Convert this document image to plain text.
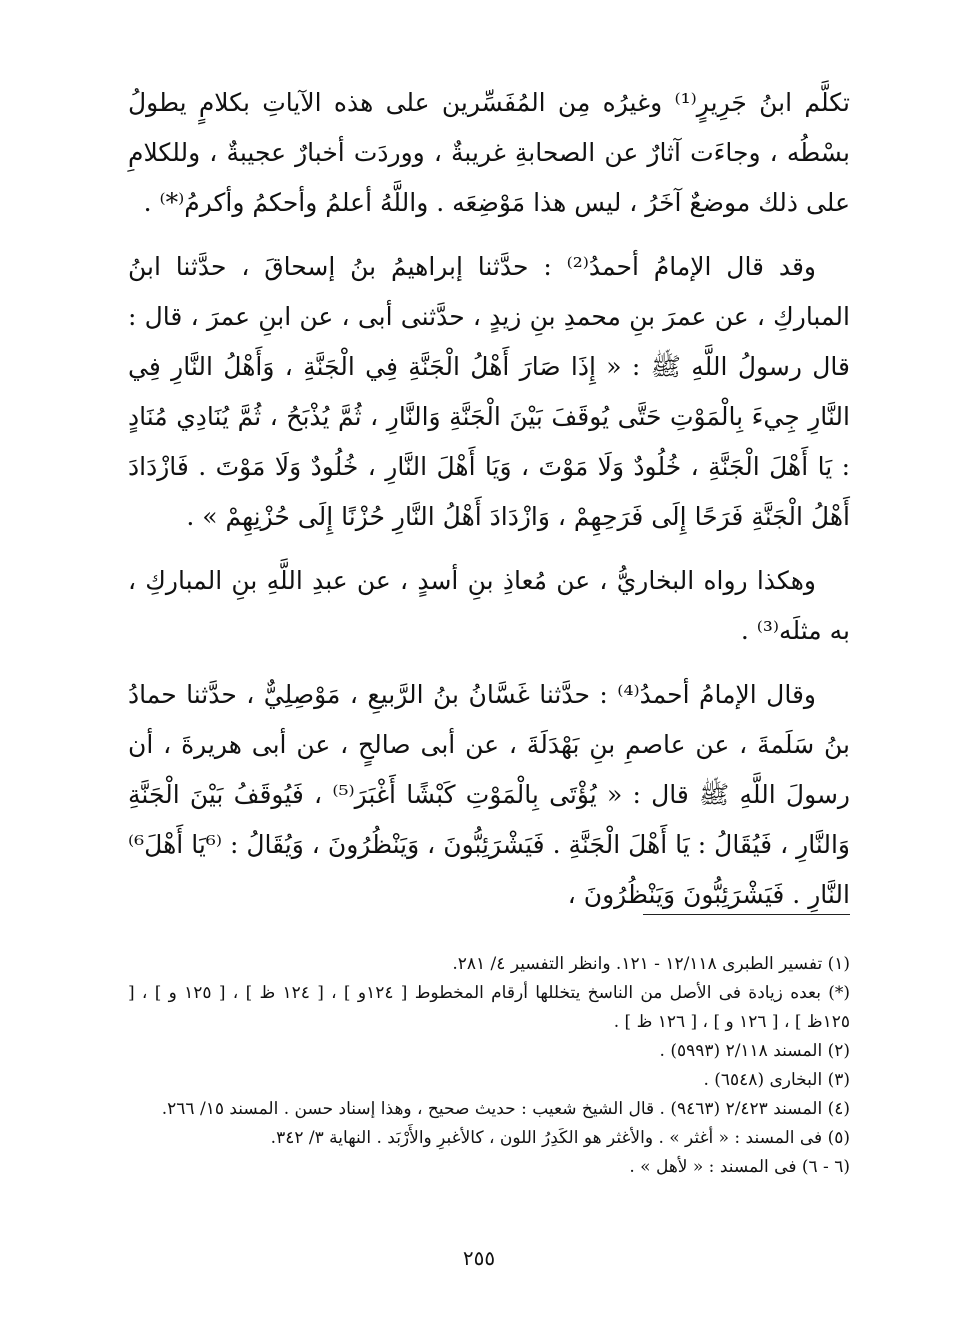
تكلَّم ابنُ جَرِيرٍ⁽¹⁾ وغيرُه مِن المُفَسِّرين على هذه الآياتِ بكلامٍ يطولُ بسْطُه ، وجاءَت آثارٌ عن الصحابةِ غريبةٌ ، ووردَت أخبارٌ عجيبةٌ ، وللكلامِ على ذلك موضعٌ آخَرُ ، ليس هذا مَوْضِعَه . واللَّهُ أعلمُ وأحكمُ وأكرمُ⁽*⁾ .

وقد قال الإمامُ أحمدُ⁽²⁾ : حدَّثنا إبراهيمُ بنُ إسحاقَ ، حدَّثنا ابنُ المباركِ ، عن عمرَ بنِ محمدِ بنِ زيدٍ ، حدَّثنى أبى ، عن ابنِ عمرَ ، قال : قال رسولُ اللَّهِ ﷺ : « إِذَا صَارَ أَهْلُ الْجَنَّةِ فِي الْجَنَّةِ ، وَأَهْلُ النَّارِ فِي النَّارِ جِيءَ بِالْمَوْتِ حَتَّى يُوقَفَ بَيْنَ الْجَنَّةِ وَالنَّارِ ، ثُمَّ يُذْبَحُ ، ثُمَّ يُنَادِي مُنَادٍ : يَا أَهْلَ الْجَنَّةِ ، خُلُودٌ وَلَا مَوْتَ ، وَيَا أَهْلَ النَّارِ ، خُلُودٌ وَلَا مَوْتَ . فَازْدَادَ أَهْلُ الْجَنَّةِ فَرَحًا إِلَى فَرَحِهِمْ ، وَازْدَادَ أَهْلُ النَّارِ حُزْنًا إِلَى حُزْنِهِمْ » .

وهكذا رواه البخاريُّ ، عن مُعاذِ بنِ أسدٍ ، عن عبدِ اللَّهِ بنِ المباركِ ، به مثلَه⁽³⁾ .

وقال الإمامُ أحمدُ⁽⁴⁾ : حدَّثنا غَسَّانُ بنُ الرَّبيعِ ، مَوْصِلِيٌّ ، حدَّثنا حمادُ بنُ سَلَمةَ ، عن عاصمِ بنِ بَهْدَلَةَ ، عن أبى صالحٍ ، عن أبى هريرةَ ، أن رسولَ اللَّهِ ﷺ قال : « يُؤْتَى بِالْمَوْتِ كَبْشًا أَغْبَرَ⁽⁵⁾ ، فَيُوقَفُ بَيْنَ الْجَنَّةِ وَالنَّارِ ، فَيُقَالُ : يَا أَهْلَ الْجَنَّةِ . فَيَشْرَئِبُّونَ ، وَيَنْظُرُونَ ، وَيُقَالُ : ⁽⁶يَا أَهْلَ⁶⁾ النَّارِ . فَيَشْرَئِبُّونَ وَيَنْظُرُونَ ،

(١) تفسير الطبرى ١٢/١١٨ - ١٢١. وانظر التفسير ٤/ ٢٨١.

(*) بعده زيادة فى الأصل من الناسخ يتخللها أرقام المخطوط [ ١٢٤و ] ، [ ١٢٤ ظ ] ، [ ١٢٥ و ] ، [ ١٢٥ظ ] ، [ ١٢٦ و ] ، [ ١٢٦ ظ ] .

(٢) المسند ٢/١١٨ (٥٩٩٣) .

(٣) البخارى (٦٥٤٨) .

(٤) المسند ٢/٤٢٣ (٩٤٦٣) . قال الشيخ شعيب : حديث صحيح ، وهذا إسناد حسن . المسند ١٥/ ٢٦٦.

(٥) فى المسند : « أغثر » . والأغثر هو الكَدِرُ اللون ، كالأغبرِ والأَرْبَد . النهاية ٣/ ٣٤٢.

(٦ - ٦) فى المسند : « لأهل » .

٢٥٥
